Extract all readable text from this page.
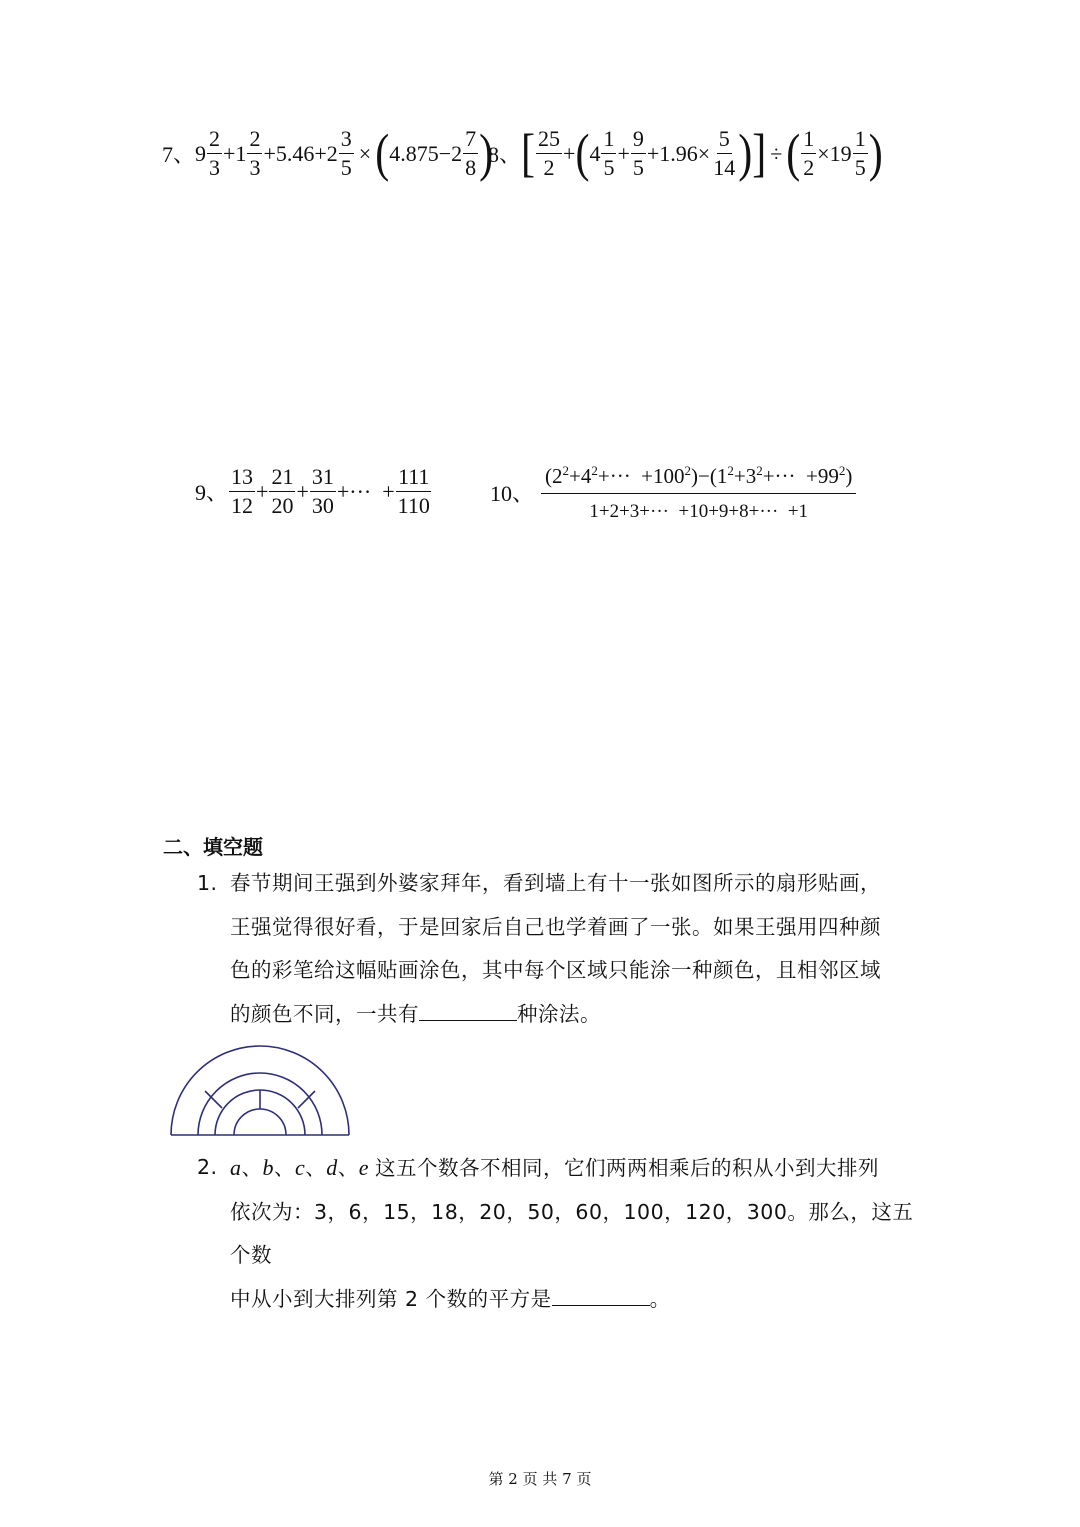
7、 $9 \frac{2}{3} +1 \frac{2}{3} +5.46+2 \frac{3}{5}$ × ( $4.875-2 \frac{7}{8}$ )
8、 [ $\frac{25}{2}$ + ( $4 \frac{1}{5} + \frac{9}{5} +1.96\times \frac{5}{14}$ ) ] ÷ ( $\frac{1}{2} \times 19 \frac{1}{5}$ )
9、 $\frac{13}{12} + \frac{21}{20} + \frac{31}{30}$ +···  + $\frac{111}{110}$	10、 $\frac{(2^2+4^2+\cdot\cdot\cdot +100^2)-(1^2+3^2+\cdot\cdot\cdot +99^2)}{1+2+3+\cdot\cdot\cdot +10+9+8+\cdot\cdot\cdot +1}$
二、填空题
1. 春节期间王强到外婆家拜年，看到墙上有十一张如图所示的扇形贴画，
王强觉得很好看，于是回家后自己也学着画了一张。如果王强用四种颜
色的彩笔给这幅贴画涂色，其中每个区域只能涂一种颜色，且相邻区域
的颜色不同，一共有	种涂法。
2. a、b、c、d、e 这五个数各不相同，它们两两相乘后的积从小到大排列
依次为：3，6，15，18，20，50，60，100，120，300。那么，这五个数
中从小到大排列第 2 个数的平方是	。
第 2 页 共 7 页
